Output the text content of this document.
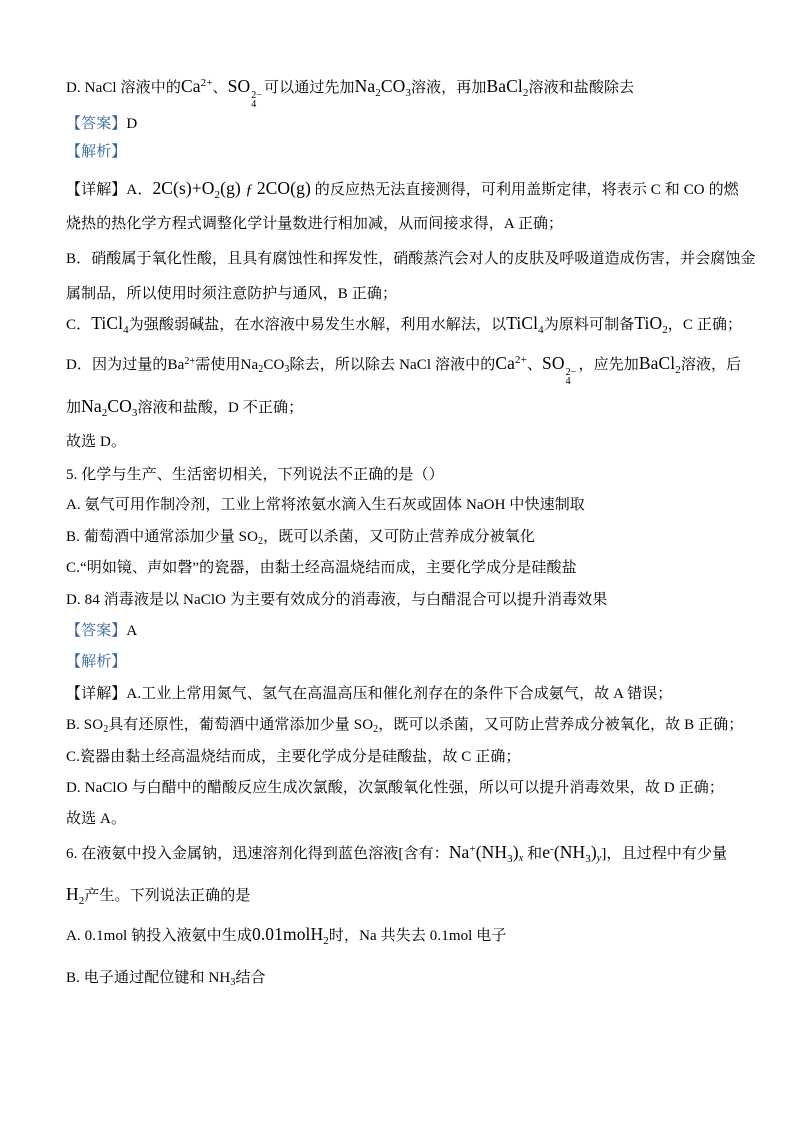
D. NaCl 溶液中的$Ca^{2+}$、SO 2−
4
可以通过先加$Na_2CO_3$溶液，再加BaCl$_2$溶液和盐酸除去
【答案】D
【解析】
【详解】A．$2C(s)+O_2(g)$ ƒ 2CO(g) 的反应热无法直接测得，可利用盖斯定律，将表示 C 和 CO 的燃
烧热的热化学方程式调整化学计量数进行相加减，从而间接求得，A 正确；
B．硝酸属于氧化性酸，且具有腐蚀性和挥发性，硝酸蒸汽会对人的皮肤及呼吸道造成伤害，并会腐蚀金
属制品，所以使用时须注意防护与通风，B 正确；
C．TiCl$_4$为强酸弱碱盐，在水溶液中易发生水解，利用水解法，以TiCl$_4$为原料可制备TiO$_2$，C 正确；
D．因为过量的$Ba^{2+}$需使用$Na_2CO_3$除去，所以除去 NaCl 溶液中的$Ca^{2+}$、SO 2−
4
，应先加BaCl$_2$溶液，后
加$Na_2CO_3$溶液和盐酸，D 不正确；
故选 D。
5. 化学与生产、生活密切相关，下列说法不正确的是（）
A. 氨气可用作制冷剂，工业上常将浓氨水滴入生石灰或固体 NaOH 中快速制取
B. 葡萄酒中通常添加少量 $SO_2$，既可以杀菌，又可防止营养成分被氧化
C.“明如镜、声如磬”的瓷器，由黏土经高温烧结而成，主要化学成分是硅酸盐
D. 84 消毒液是以 NaClO 为主要有效成分的消毒液，与白醋混合可以提升消毒效果
【答案】A
【解析】
【详解】A.工业上常用氮气、氢气在高温高压和催化剂存在的条件下合成氨气，故 A 错误；
B. $SO_2$具有还原性，葡萄酒中通常添加少量 $SO_2$，既可以杀菌，又可防止营养成分被氧化，故 B 正确；
C.瓷器由黏土经高温烧结而成，主要化学成分是硅酸盐，故 C 正确；
D. NaClO 与白醋中的醋酸反应生成次氯酸，次氯酸氧化性强，所以可以提升消毒效果，故 D 正确；
故选 A。
6. 在液氨中投入金属钠，迅速溶剂化得到蓝色溶液[含有：$Na^+(NH_3)_x$ 和$e^-(NH_3)_y$]，且过程中有少量
$H_2$产生。下列说法正确的是
A. 0.1mol 钠投入液氨中生成0.01molH$_2$时，Na 共失去 0.1mol 电子
B. 电子通过配位键和 $NH_3$结合
